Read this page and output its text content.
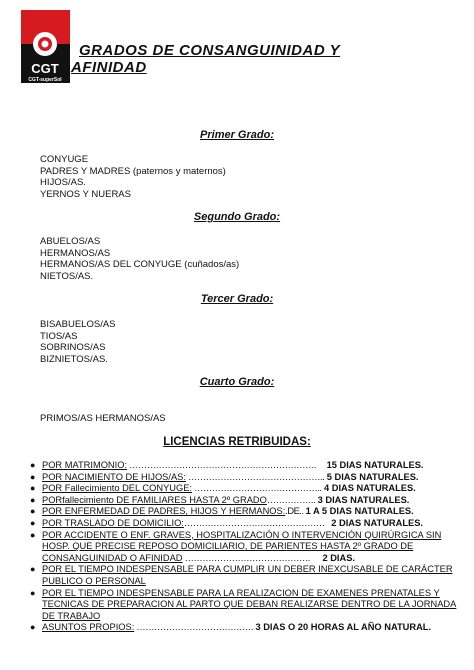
CGT
CGT-superSol
GRADOS DE CONSANGUINIDAD Y
AFINIDAD
Primer Grado:
CONYUGE
PADRES Y MADRES (paternos y maternos)
HIJOS/AS.
YERNOS Y NUERAS
Segundo Grado:
ABUELOS/AS
HERMANOS/AS
HERMANOS/AS DEL CONYUGE (cuñados/as)
NIETOS/AS.
Tercer Grado:
BISABUELOS/AS
TIOS/AS
SOBRINOS/AS
BIZNIETOS/AS.
Cuarto Grado:
PRIMOS/AS HERMANOS/AS
LICENCIAS RETRIBUIDAS:
● POR MATRIMONIO: ………………………………………………………. 15 DIAS NATURALES.
● POR NACIMIENTO DE HIJOS/AS: ……………………………………….. 5 DIAS NATURALES.
● POR Fallecimiento DEL CONYUGE: …………………………………….. 4 DIAS NATURALES.
● PORfallecimiento DE FAMILIARES HASTA 2º GRADO…………….. 3 DIAS NATURALES.
● POR ENFERMEDAD DE PADRES, HIJOS Y HERMANOS:.DE.. 1 A 5 DIAS NATURALES.
● POR TRASLADO DE DOMICILIO:………………………………………… 2 DIAS NATURALES.
● POR ACCIDENTE O ENF. GRAVES, HOSPITALIZACIÓN O INTERVENCIÓN QUIRÚRGICA SIN HOSP. QUE PRECISE REPOSO DOMICILIARIO, DE PARIENTES HASTA 2º GRADO DE CONSANGUINIDAD O AFINIDAD ……………………………………. 2 DIAS.
● POR EL TIEMPO INDESPENSABLE PARA CUMPLIR UN DEBER INEXCUSABLE DE CARÁCTER PUBLICO O PERSONAL
● POR EL TIEMPO INDESPENSABLE PARA LA REALIZACION DE EXAMENES PRENATALES Y TECNICAS DE PREPARACION AL PARTO QUE DEBAN REALIZARSE DENTRO DE LA JORNADA DE TRABAJO
● ASUNTOS PROPIOS: …………………………………. 3 DIAS O 20 HORAS AL AÑO NATURAL.
